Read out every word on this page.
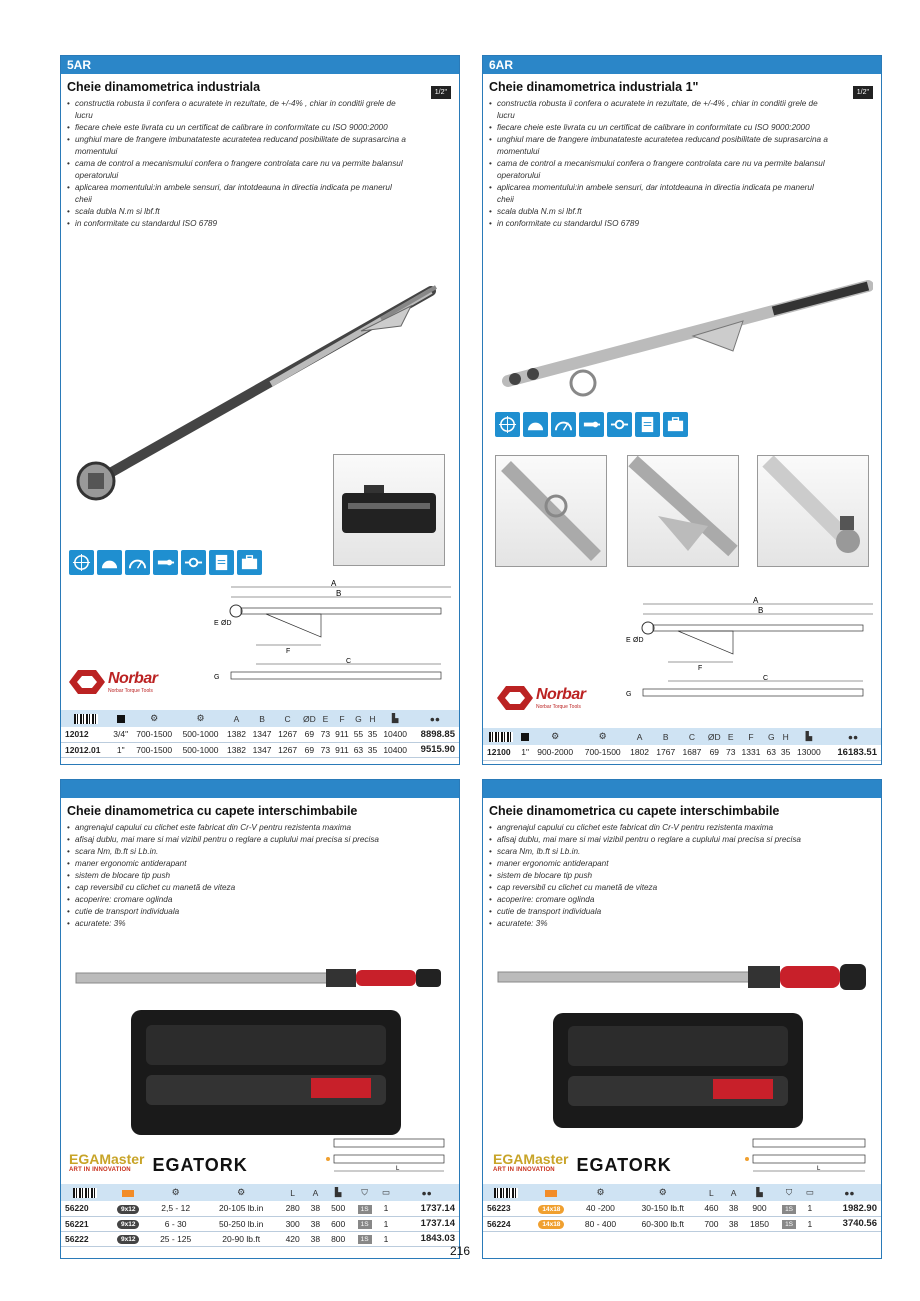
5AR
Cheie dinamometrica industriala	1/2"
• constructia robusta ii confera o acuratete in rezultate, de +/-4% , chiar in conditii grele de lucru
• fiecare cheie este livrata cu un certificat de calibrare in conformitate cu ISO 9000:2000
• unghiul mare de frangere imbunatateste acuratetea reducand posibilitate de suprasarcina a momentului
• cama de control a mecanismului confera o frangere controlata care nu va permite balansul operatorului
• aplicarea momentului:in ambele sensuri, dar intotdeauna in directia indicata pe manerul cheii
• scala dubla N.m si lbf.ft
• in conformitate cu standardul ISO 6789
A
B
E ØD
F
C
G
Norbar
Norbar Torque Tools
		⚙	⚙	A	B	C	ØD	E	F	G	H	▙	●●
12012	3/4"	700-1500	500-1000	1382	1347	1267	69	73	911	55	35	10400	8898.85
12012.01	1"	700-1500	500-1000	1382	1347	1267	69	73	911	63	35	10400	9515.90
6AR
Cheie dinamometrica industriala 1"	1/2"
• constructia robusta ii confera o acuratete in rezultate, de +/-4% , chiar in conditii grele de lucru
• fiecare cheie este livrata cu un certificat de calibrare in conformitate cu ISO 9000:2000
• unghiul mare de frangere imbunatateste acuratetea reducand posibilitate de suprasarcina a momentului
• cama de control a mecanismului confera o frangere controlata care nu va permite balansul operatorului
• aplicarea momentului:in ambele sensuri, dar intotdeauna in directia indicata pe manerul cheii
• scala dubla N.m si lbf.ft
• in conformitate cu standardul ISO 6789
A
B
E ØD
F
C
G
Norbar
Norbar Torque Tools
		⚙	⚙	A	B	C	ØD	E	F	G	H	▙	●●
12100	1"	900-2000	700-1500	1802	1767	1687	69	73	1331	63	35	13000	16183.51
Cheie dinamometrica cu capete interschimbabile
• angrenajul capului cu clichet este fabricat din Cr-V pentru rezistenta maxima
• afisaj dublu, mai mare si mai vizibil pentru o reglare a cuplului mai precisa si precisa
• scara Nm, lb.ft si Lb.in.
• maner ergonomic antiderapant
• sistem de blocare tip push
• cap reversibil cu clichet cu manetă de viteza
• acoperire: cromare oglinda
• cutie de transport individuala
• acuratete: 3%
EGAMaster
ART IN INNOVATION	EGATORK	L
		⚙	⚙	L	A	▙	⛉	▭	●●
56220	9x12	2,5 - 12	20-105 lb.in	280	38	500	1S	1	1737.14
56221	9x12	6 - 30	50-250 lb.in	300	38	600	1S	1	1737.14
56222	9x12	25 - 125	20-90 lb.ft	420	38	800	1S	1	1843.03
Cheie dinamometrica cu capete interschimbabile
• angrenajul capului cu clichet este fabricat din Cr-V pentru rezistenta maxima
• afisaj dublu, mai mare si mai vizibil pentru o reglare a cuplului mai precisa si precisa
• scara Nm, lb.ft si Lb.in.
• maner ergonomic antiderapant
• sistem de blocare tip push
• cap reversibil cu clichet cu manetă de viteza
• acoperire: cromare oglinda
• cutie de transport individuala
• acuratete: 3%
EGAMaster
ART IN INNOVATION	EGATORK	L
		⚙	⚙	L	A	▙	⛉	▭	●●
56223	14x18	40 -200	30-150 lb.ft	460	38	900	1S	1	1982.90
56224	14x18	80 - 400	60-300 lb.ft	700	38	1850	1S	1	3740.56
216
